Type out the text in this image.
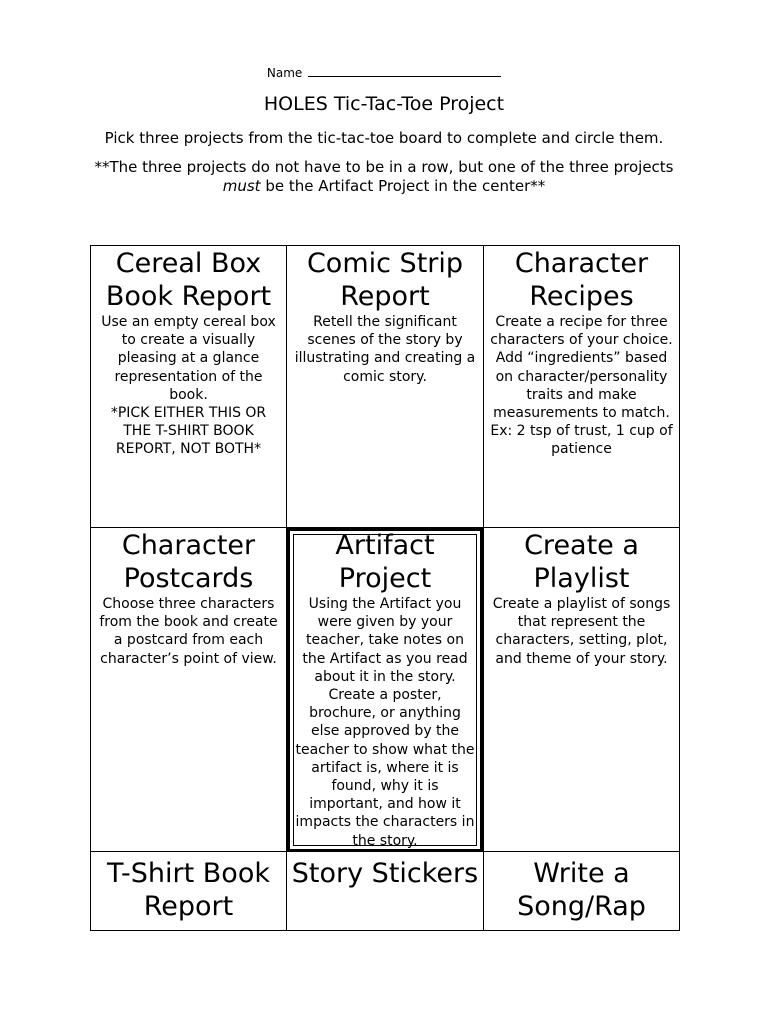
Name
HOLES Tic-Tac-Toe Project
Pick three projects from the tic-tac-toe board to complete and circle them.
**The three projects do not have to be in a row, but one of the three projects must be the Artifact Project in the center**
Cereal Box Book Report
Use an empty cereal box to create a visually pleasing at a glance representation of the book.
*PICK EITHER THIS OR THE T-SHIRT BOOK REPORT, NOT BOTH*
Comic Strip Report
Retell the significant scenes of the story by illustrating and creating a comic story.
Character Recipes
Create a recipe for three characters of your choice. Add “ingredients” based on character/personality traits and make measurements to match.
Ex: 2 tsp of trust, 1 cup of patience
Character Postcards
Choose three characters from the book and create a postcard from each character’s point of view.
Artifact Project
Using the Artifact you were given by your teacher, take notes on the Artifact as you read about it in the story.
Create a poster, brochure, or anything else approved by the teacher to show what the artifact is, where it is found, why it is important, and how it impacts the characters in the story.
Create a Playlist
Create a playlist of songs that represent the characters, setting, plot, and theme of your story.
T-Shirt Book Report
Story Stickers	Write a Song/Rap
